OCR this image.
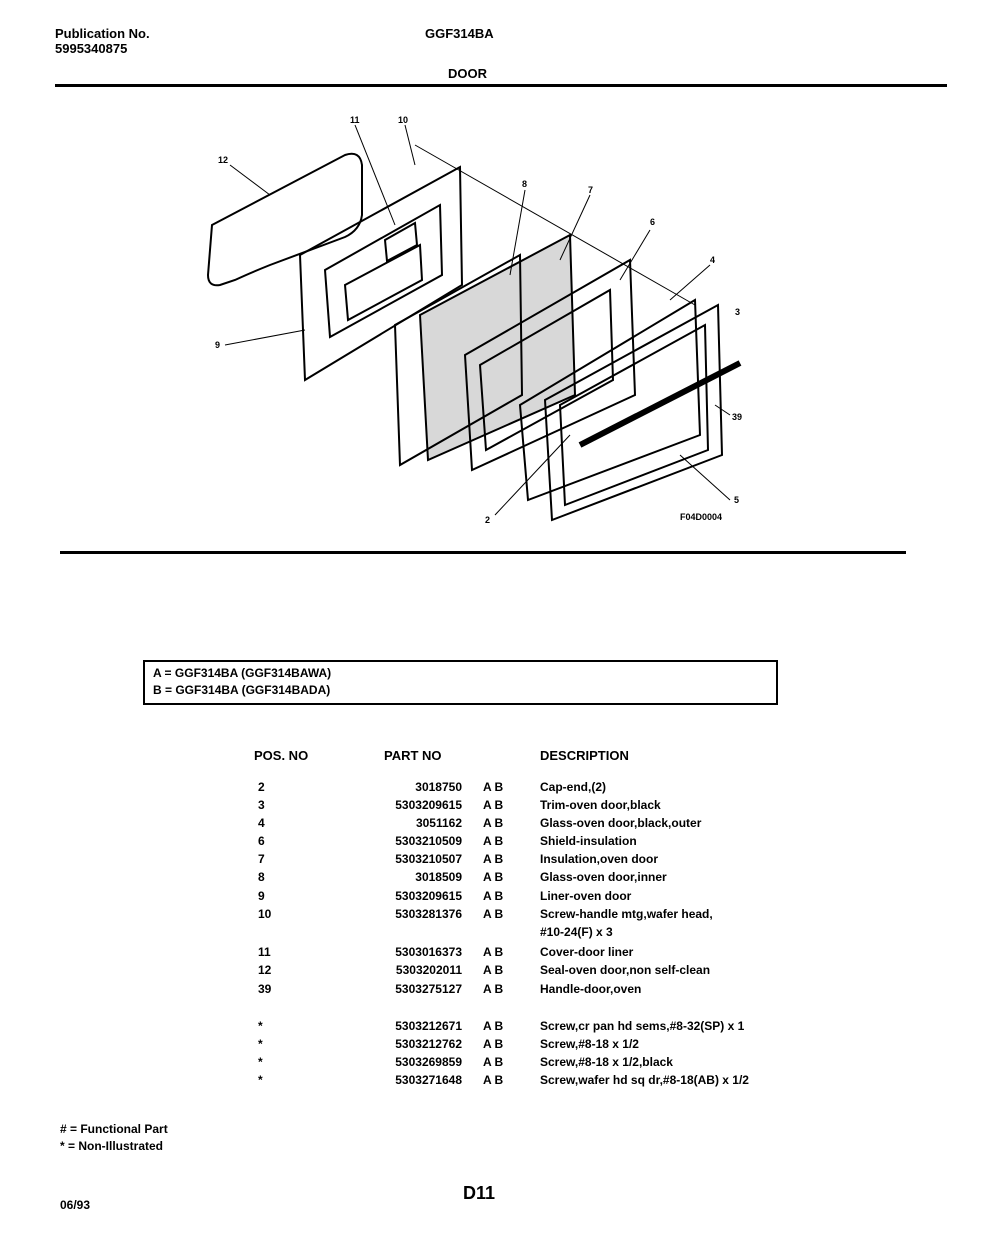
Publication No.
5995340875
GGF314BA
DOOR
12
11	10
8
7
6
4
3
9
2
39
5
F04D0004
A = GGF314BA (GGF314BAWA)
B = GGF314BA (GGF314BADA)
POS. NO	PART NO	DESCRIPTION
2	3018750 A B	Cap-end,(2)
3	5303209615 A B	Trim-oven door,black
4	3051162 A B	Glass-oven door,black,outer
6	5303210509 A B	Shield-insulation
7	5303210507 A B	Insulation,oven door
8	3018509 A B	Glass-oven door,inner
9	5303209615 A B	Liner-oven door
10	5303281376 A B	Screw-handle mtg,wafer head,
#10-24(F) x 3
11	5303016373 A B	Cover-door liner
12	5303202011 A B	Seal-oven door,non self-clean
39	5303275127 A B	Handle-door,oven
*	5303212671 A B	Screw,cr pan hd sems,#8-32(SP) x 1
*	5303212762 A B	Screw,#8-18 x 1/2
*	5303269859 A B	Screw,#8-18 x 1/2,black
*	5303271648 A B	Screw,wafer hd sq dr,#8-18(AB) x 1/2
# = Functional Part
* = Non-Illustrated
06/93
D11
